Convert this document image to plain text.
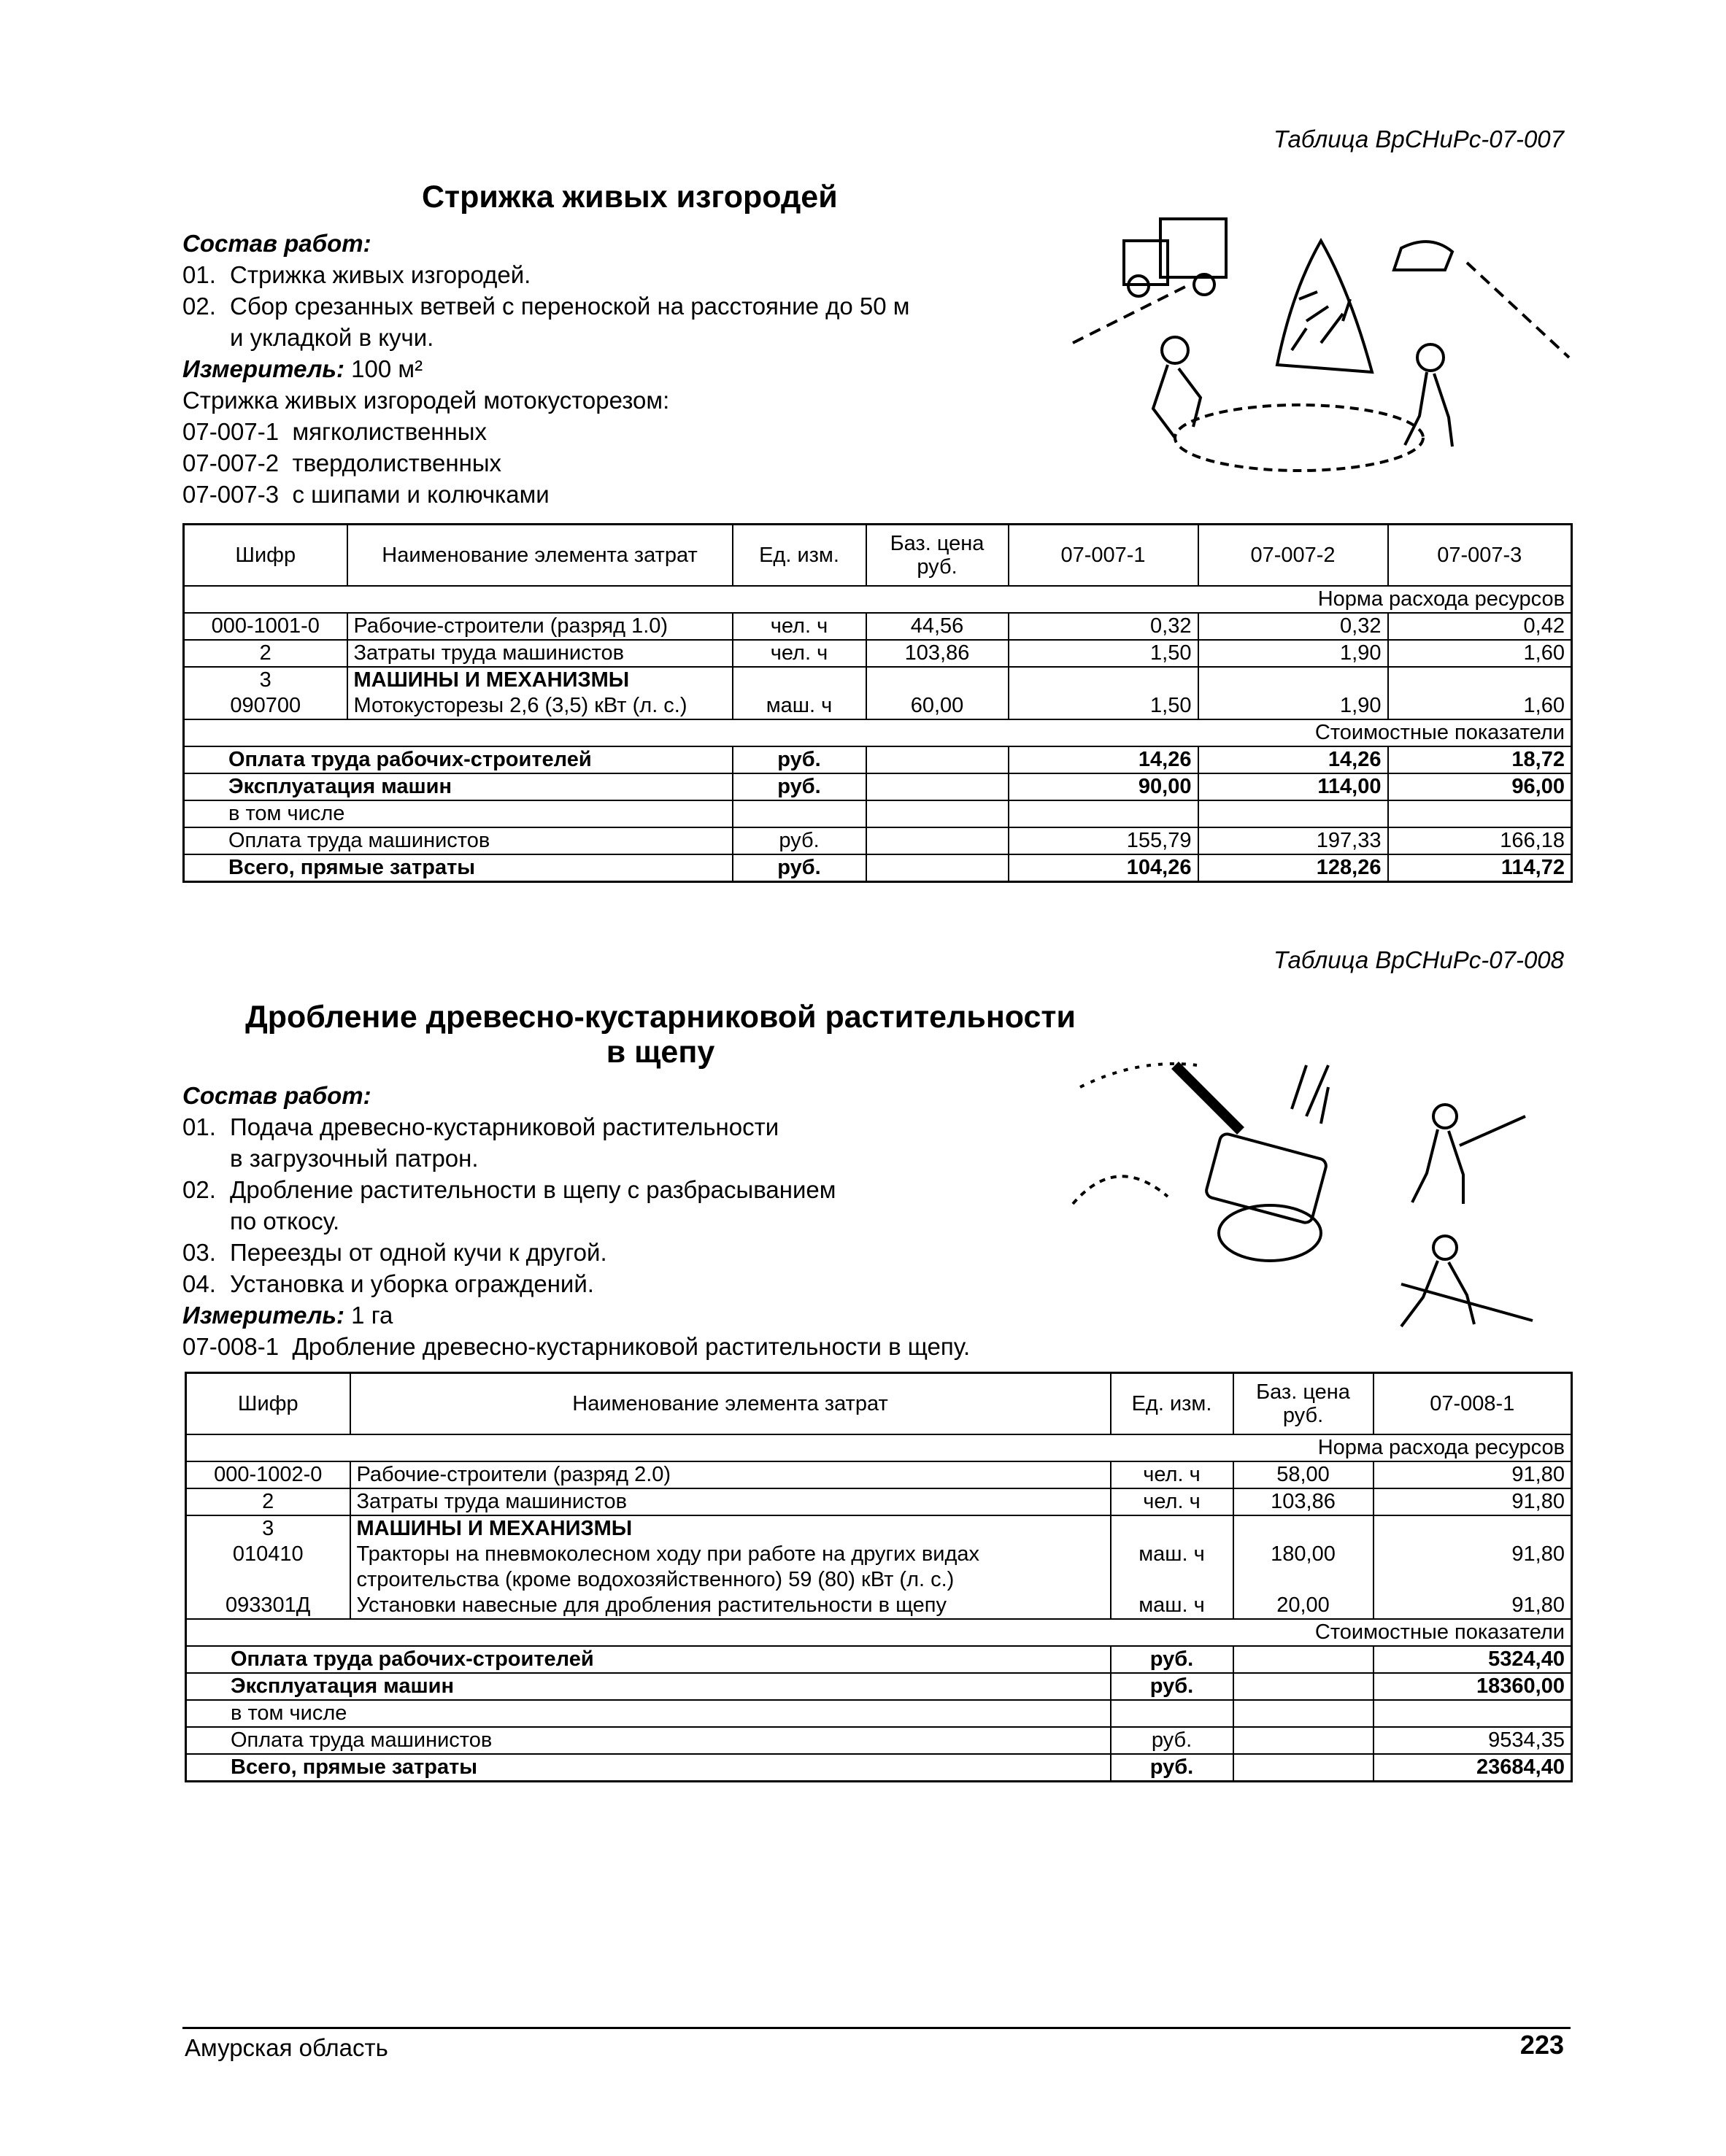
Таблица ВрСНиРс-07-007
Стрижка живых изгородей
Состав работ:
01. Стрижка живых изгородей.
02. Сбор срезанных ветвей с переноской на расстояние до 50 м
и укладкой в кучи.
Измеритель: 100 м²
Стрижка живых изгородей мотокусторезом:
07-007-1 мягколиственных
07-007-2 твердолиственных
07-007-3 с шипами и колючками
Шифр	Наименование элемента затрат	Ед. изм.	Баз. цена руб.	07-007-1	07-007-2	07-007-3
Норма расхода ресурсов						
000-1001-0	Рабочие-строители (разряд 1.0)	чел. ч	44,56	0,32	0,32	0,42
2	Затраты труда машинистов	чел. ч	103,86	1,50	1,90	1,60
3	МАШИНЫ И МЕХАНИЗМЫ					
090700	Мотокусторезы 2,6 (3,5) кВт (л. с.)	маш. ч	60,00	1,50	1,90	1,60
Стоимостные показатели						
Оплата труда рабочих-строителей		руб.		14,26	14,26	18,72
Эксплуатация машин		руб.		90,00	114,00	96,00
в том числе						
Оплата труда машинистов		руб.		155,79	197,33	166,18
Всего, прямые затраты		руб.		104,26	128,26	114,72
Таблица ВрСНиРс-07-008
Дробление древесно-кустарниковой растительности
в щепу
Состав работ:
01. Подача древесно-кустарниковой растительности
в загрузочный патрон.
02. Дробление растительности в щепу с разбрасыванием
по откосу.
03. Переезды от одной кучи к другой.
04. Установка и уборка ограждений.
Измеритель: 1 га
07-008-1 Дробление древесно-кустарниковой растительности в щепу.
Шифр	Наименование элемента затрат	Ед. изм.	Баз. цена руб.	07-008-1
Норма расхода ресурсов				
000-1002-0	Рабочие-строители (разряд 2.0)	чел. ч	58,00	91,80
2	Затраты труда машинистов	чел. ч	103,86	91,80
3	МАШИНЫ И МЕХАНИЗМЫ			
010410	Тракторы на пневмоколесном ходу при работе на других видах
строительства (кроме водохозяйственного) 59 (80) кВт (л. с.)	маш. ч	180,00	91,80
093301Д	Установки навесные для дробления растительности в щепу	маш. ч	20,00	91,80
Стоимостные показатели				
Оплата труда рабочих-строителей		руб.		5324,40
Эксплуатация машин		руб.		18360,00
в том числе				
Оплата труда машинистов		руб.		9534,35
Всего, прямые затраты		руб.		23684,40
Амурская область	223
